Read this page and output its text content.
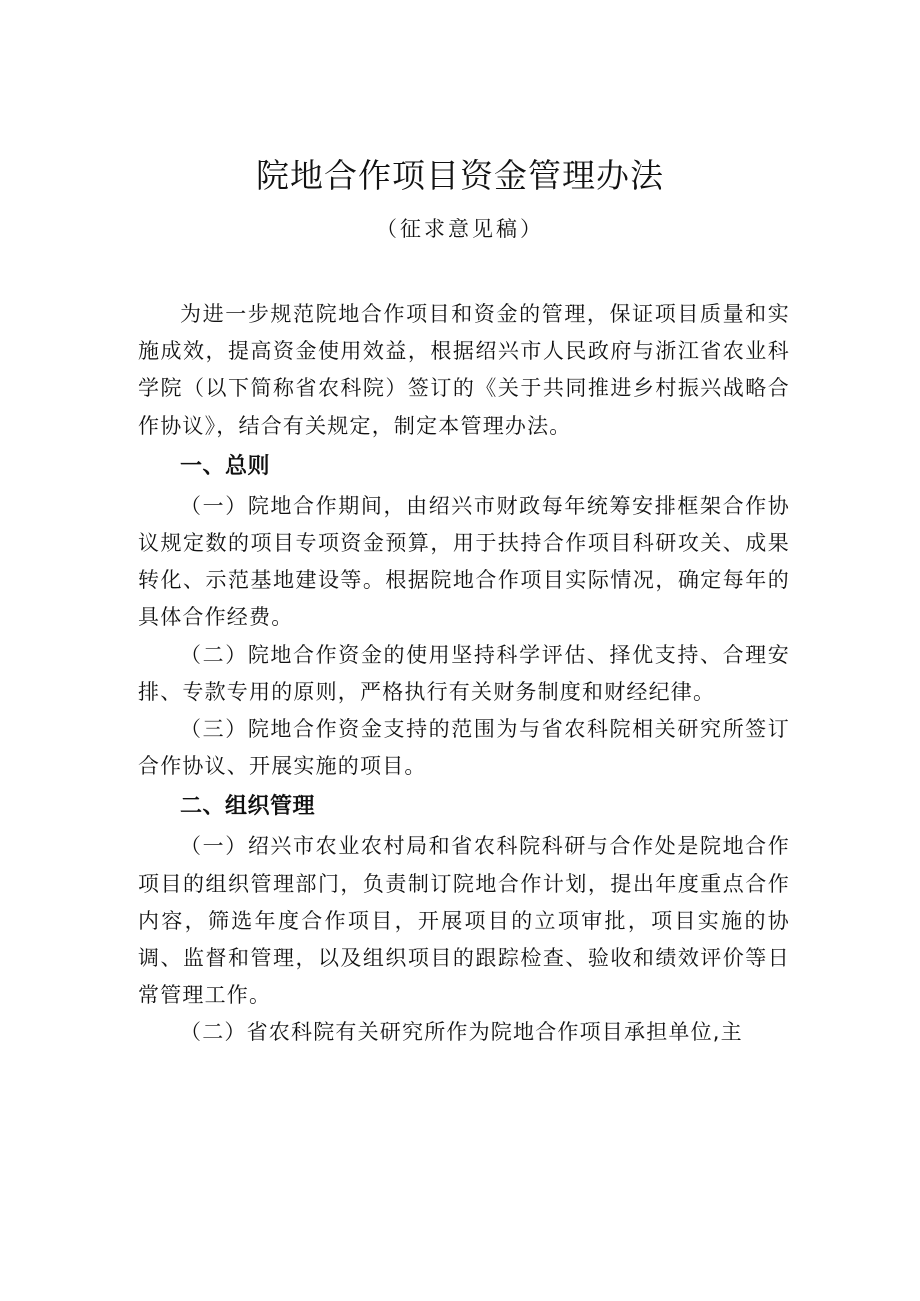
院地合作项目资金管理办法
（征求意见稿）

为进一步规范院地合作项目和资金的管理，保证项目质量和实施成效，提高资金使用效益，根据绍兴市人民政府与浙江省农业科学院（以下简称省农科院）签订的《关于共同推进乡村振兴战略合作协议》，结合有关规定，制定本管理办法。

一、总则

（一）院地合作期间，由绍兴市财政每年统筹安排框架合作协议规定数的项目专项资金预算，用于扶持合作项目科研攻关、成果转化、示范基地建设等。根据院地合作项目实际情况，确定每年的具体合作经费。

（二）院地合作资金的使用坚持科学评估、择优支持、合理安排、专款专用的原则，严格执行有关财务制度和财经纪律。

（三）院地合作资金支持的范围为与省农科院相关研究所签订合作协议、开展实施的项目。

二、组织管理

（一）绍兴市农业农村局和省农科院科研与合作处是院地合作项目的组织管理部门，负责制订院地合作计划，提出年度重点合作内容，筛选年度合作项目，开展项目的立项审批，项目实施的协调、监督和管理，以及组织项目的跟踪检查、验收和绩效评价等日常管理工作。

（二）省农科院有关研究所作为院地合作项目承担单位,主
